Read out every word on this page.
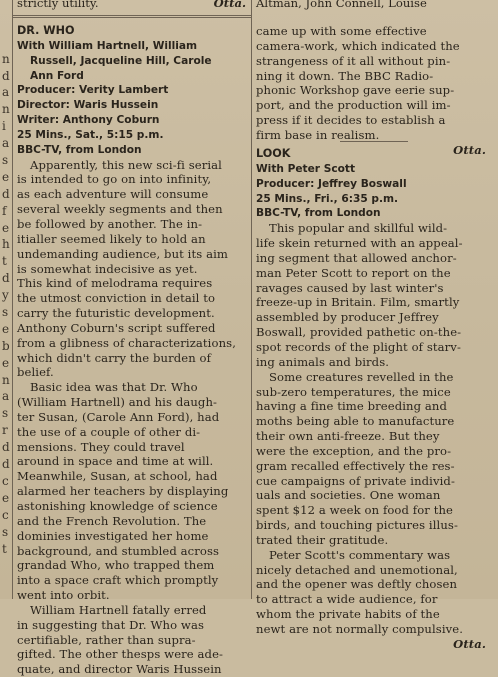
n
d
a
n
i
a
s
e
d
f
e
h
t
d
y
s
e
b
e
n
a
s
r
d
d
c
e
c
s
t
strictly utility.	Otta. Altman, John Connell, Louise

DR. WHO

With William Hartnell, William

Russell, Jacqueline Hill, Carole

Ann Ford

Producer: Verity Lambert

Director: Waris Hussein

Writer: Anthony Coburn

25 Mins., Sat., 5:15 p.m.

BBC-TV, from London

Apparently, this new sci-fi serial

is intended to go on into infinity,

as each adventure will consume

several weekly segments and then

be followed by another. The in-

itialler seemed likely to hold an

undemanding audience, but its aim

is somewhat indecisive as yet.

This kind of melodrama requires

the utmost conviction in detail to

carry the futuristic development.

Anthony Coburn's script suffered

from a glibness of characterizations,

which didn't carry the burden of

belief.

Basic idea was that Dr. Who

(William Hartnell) and his daugh-

ter Susan, (Carole Ann Ford), had

the use of a couple of other di-

mensions. They could travel

around in space and time at will.

Meanwhile, Susan, at school, had

alarmed her teachers by displaying

astonishing knowledge of science

and the French Revolution. The

dominies investigated her home

background, and stumbled across

grandad Who, who trapped them

into a space craft which promptly

went into orbit.

William Hartnell fatally erred

in suggesting that Dr. Who was

certifiable, rather than supra-

gifted. The other thesps were ade-

quate, and director Waris Hussein

came up with some effective

camera-work, which indicated the

strangeness of it all without pin-

ning it down. The BBC Radio-

phonic Workshop gave eerie sup-

port, and the production will im-

press if it decides to establish a

firm base in realism.

Otta.

LOOK

With Peter Scott

Producer: Jeffrey Boswall

25 Mins., Fri., 6:35 p.m.

BBC-TV, from London

This popular and skillful wild-

life skein returned with an appeal-

ing segment that allowed anchor-

man Peter Scott to report on the

ravages caused by last winter's

freeze-up in Britain. Film, smartly

assembled by producer Jeffrey

Boswall, provided pathetic on-the-

spot records of the plight of starv-

ing animals and birds.

Some creatures revelled in the

sub-zero temperatures, the mice

having a fine time breeding and

moths being able to manufacture

their own anti-freeze. But they

were the exception, and the pro-

gram recalled effectively the res-

cue campaigns of private individ-

uals and societies. One woman

spent $12 a week on food for the

birds, and touching pictures illus-

trated their gratitude.

Peter Scott's commentary was

nicely detached and unemotional,

and the opener was deftly chosen

to attract a wide audience, for

whom the private habits of the

newt are not normally compulsive.

Otta.
